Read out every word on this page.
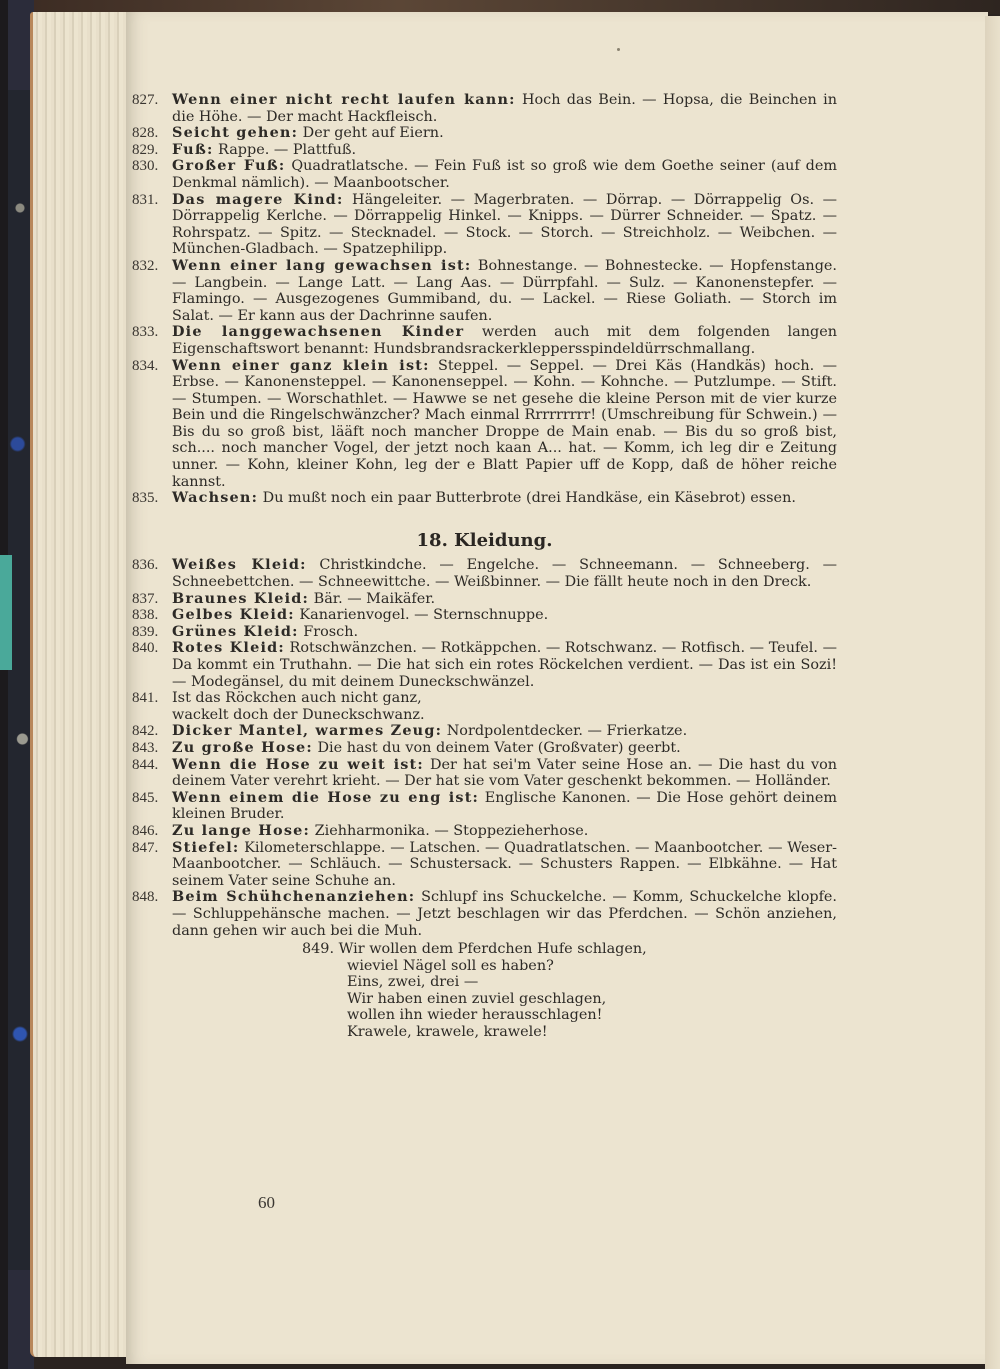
827. Wenn einer nicht recht laufen kann: Hoch das Bein. — Hopsa, die Beinchen in die Höhe. — Der macht Hackfleisch.
828. Seicht gehen: Der geht auf Eiern.
829. Fuß: Rappe. — Plattfuß.
830. Großer Fuß: Quadratlatsche. — Fein Fuß ist so groß wie dem Goethe seiner (auf dem Denkmal nämlich). — Maanbootscher.
831. Das magere Kind: Hängeleiter. — Magerbraten. — Dörrap. — Dörrappelig Os. — Dörrappelig Kerlche. — Dörrappelig Hinkel. — Knipps. — Dürrer Schneider. — Spatz. — Rohrspatz. — Spitz. — Stecknadel. — Stock. — Storch. — Streichholz. — Weibchen. — München-Gladbach. — Spatzephilipp.
832. Wenn einer lang gewachsen ist: Bohnestange. — Bohnestecke. — Hopfenstange. — Langbein. — Lange Latt. — Lang Aas. — Dürrpfahl. — Sulz. — Kanonenstepfer. — Flamingo. — Ausgezogenes Gummiband, du. — Lackel. — Riese Goliath. — Storch im Salat. — Er kann aus der Dachrinne saufen.
833. Die langgewachsenen Kinder werden auch mit dem folgenden langen Eigenschaftswort benannt: Hundsbrandsrackerkleppersspindeldürrschmallang.
834. Wenn einer ganz klein ist: Steppel. — Seppel. — Drei Käs (Handkäs) hoch. — Erbse. — Kanonensteppel. — Kanonenseppel. — Kohn. — Kohnche. — Putzlumpe. — Stift. — Stumpen. — Worschathlet. — Hawwe se net gesehe die kleine Person mit de vier kurze Bein und die Ringelschwänzcher? Mach einmal Rrrrrrrrr! (Umschreibung für Schwein.) — Bis du so groß bist, lääft noch mancher Droppe de Main enab. — Bis du so groß bist, sch.... noch mancher Vogel, der jetzt noch kaan A... hat. — Komm, ich leg dir e Zeitung unner. — Kohn, kleiner Kohn, leg der e Blatt Papier uff de Kopp, daß de höher reiche kannst.
835. Wachsen: Du mußt noch ein paar Butterbrote (drei Handkäse, ein Käsebrot) essen.
18. Kleidung.
836. Weißes Kleid: Christkindche. — Engelche. — Schneemann. — Schneeberg. — Schneebettchen. — Schneewittche. — Weißbinner. — Die fällt heute noch in den Dreck.
837. Braunes Kleid: Bär. — Maikäfer.
838. Gelbes Kleid: Kanarienvogel. — Sternschnuppe.
839. Grünes Kleid: Frosch.
840. Rotes Kleid: Rotschwänzchen. — Rotkäppchen. — Rotschwanz. — Rotfisch. — Teufel. — Da kommt ein Truthahn. — Die hat sich ein rotes Röckelchen verdient. — Das ist ein Sozi! — Modegänsel, du mit deinem Duneckschwänzel.
841. Ist das Röckchen auch nicht ganz,
wackelt doch der Duneckschwanz.
842. Dicker Mantel, warmes Zeug: Nordpolentdecker. — Frierkatze.
843. Zu große Hose: Die hast du von deinem Vater (Großvater) geerbt.
844. Wenn die Hose zu weit ist: Der hat sei'm Vater seine Hose an. — Die hast du von deinem Vater verehrt krieht. — Der hat sie vom Vater geschenkt bekommen. — Holländer.
845. Wenn einem die Hose zu eng ist: Englische Kanonen. — Die Hose gehört deinem kleinen Bruder.
846. Zu lange Hose: Ziehharmonika. — Stoppezieherhose.
847. Stiefel: Kilometerschlappe. — Latschen. — Quadratlatschen. — Maanbootcher. — Weser-Maanbootcher. — Schläuch. — Schustersack. — Schusters Rappen. — Elbkähne. — Hat seinem Vater seine Schuhe an.
848. Beim Schühchenanziehen: Schlupf ins Schuckelche. — Komm, Schuckelche klopfe. — Schluppehänsche machen. — Jetzt beschlagen wir das Pferdchen. — Schön anziehen, dann gehen wir auch bei die Muh.
849. Wir wollen dem Pferdchen Hufe schlagen,
wieviel Nägel soll es haben?
Eins, zwei, drei —
Wir haben einen zuviel geschlagen,
wollen ihn wieder herausschlagen!
Krawele, krawele, krawele!
60
